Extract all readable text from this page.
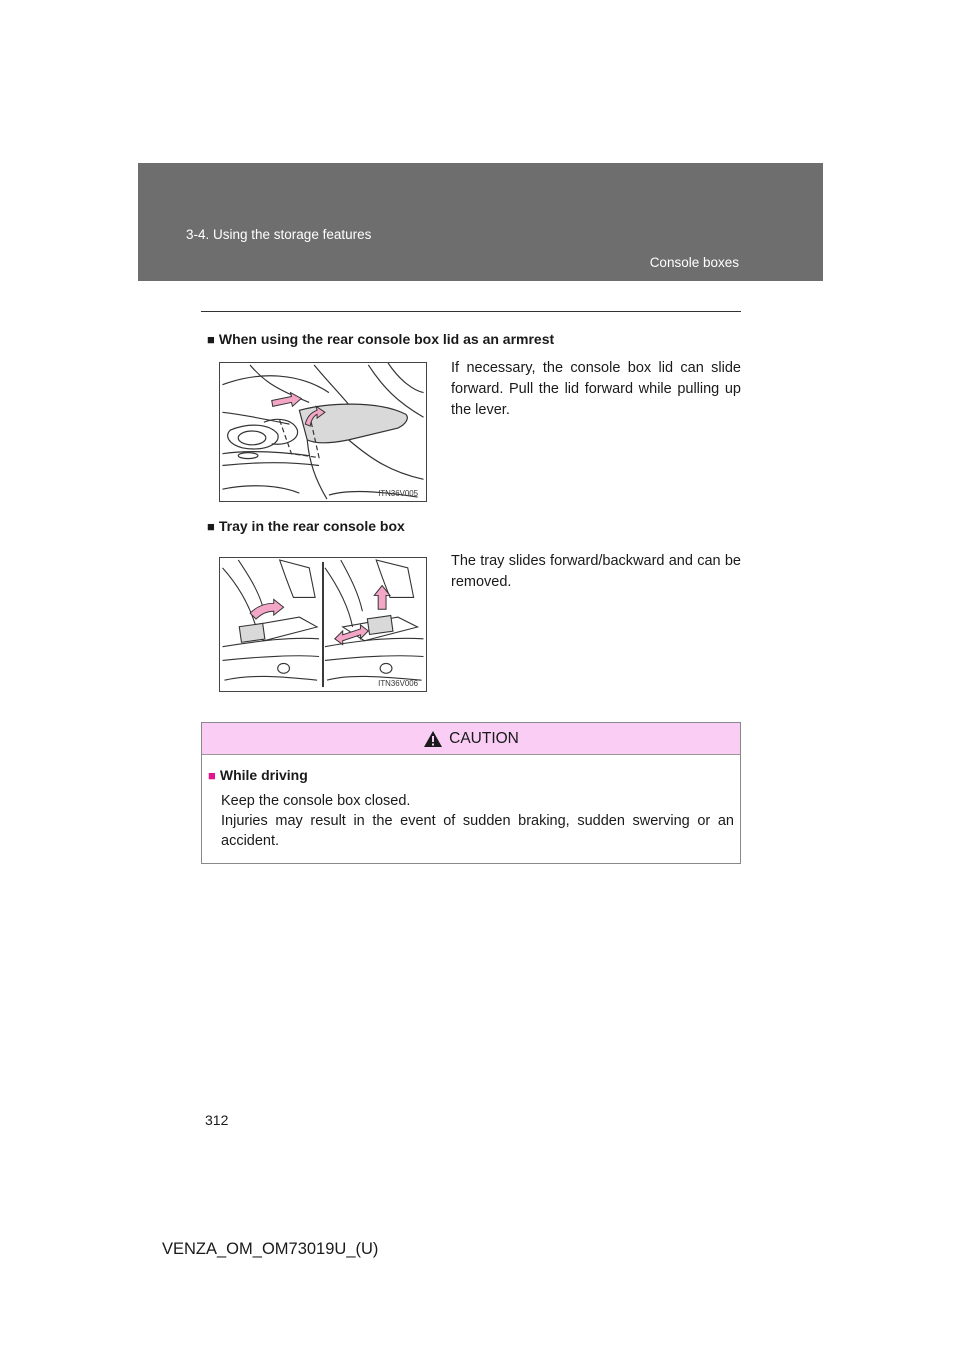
3-4. Using the storage features
Console boxes
■ When using the rear console box lid as an armrest
ITN36V005
If necessary, the console box lid can slide forward. Pull the lid forward while pulling up the lever.
■ Tray in the rear console box
ITN36V006
The tray slides forward/backward and can be removed.
CAUTION
■ While driving
Keep the console box closed.
Injuries may result in the event of sudden braking, sudden swerving or an accident.
312
VENZA_OM_OM73019U_(U)
